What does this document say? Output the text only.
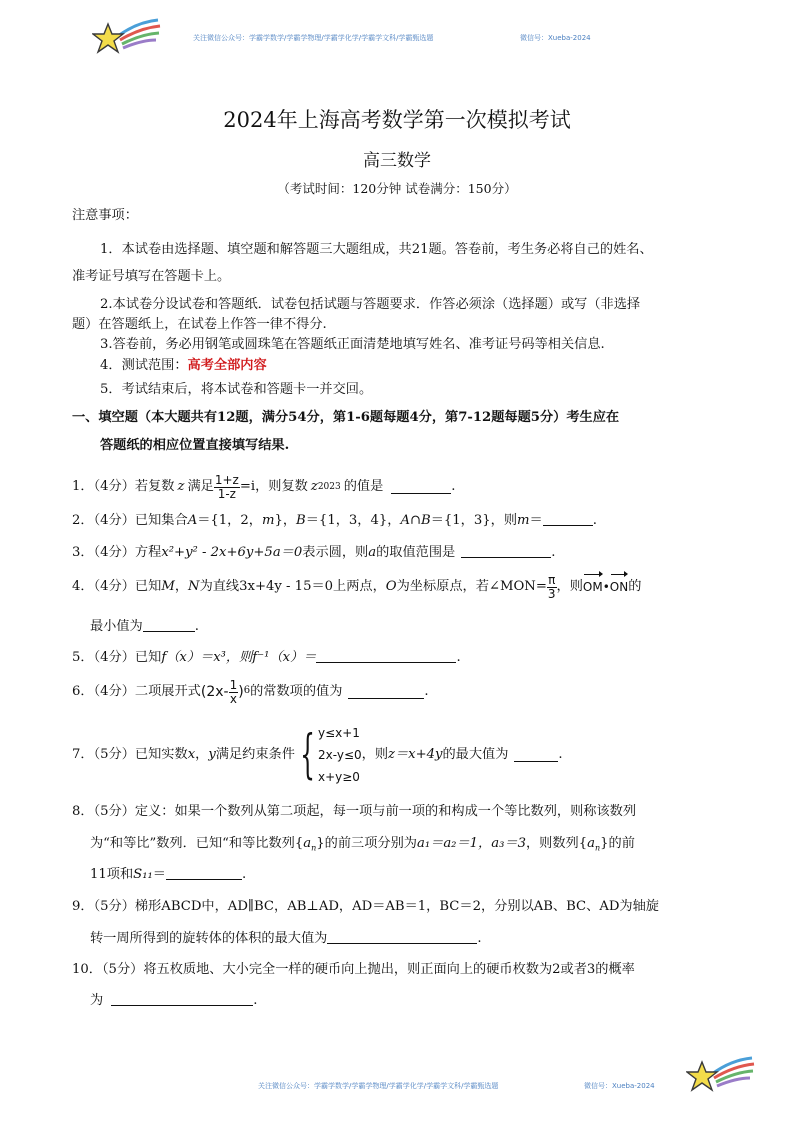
关注微信公众号：学霸学数学/学霸学物理/学霸学化学/学霸学文科/学霸甄选题	微信号：Xueba-2024
2024年上海高考数学第一次模拟考试
高三数学
（考试时间：120分钟 试卷满分：150分）
注意事项：
1．本试卷由选择题、填空题和解答题三大题组成，共21题。答卷前，考生务必将自己的姓名、
准考证号填写在答题卡上。
2.本试卷分设试卷和答题纸．试卷包括试题与答题要求．作答必须涂（选择题）或写（非选择
题）在答题纸上，在试卷上作答一律不得分.
3.答卷前，务必用钢笔或圆珠笔在答题纸正面清楚地填写姓名、准考证号码等相关信息.
4．测试范围：高考全部内容
5．考试结束后，将本试卷和答题卡一并交回。
一、填空题（本大题共有12题，满分54分，第1-6题每题4分，第7-12题每题5分）考生应在
答题纸的相应位置直接填写结果.
1．（4分）若复数 z 满足 $\frac{1+z}{1-z} =i$，则复数 z 2023 的值是	.
2．（4分）已知集合A＝{1，2，m}，B＝{1，3，4}，A∩B＝{1，3}，则m＝	.
3．（4分）方程x²+y² - 2x+6y+5a＝0表示圆，则a的取值范围是	.
4．（4分）已知 M ， N 为直线3x+4y - 15＝0上两点， O 为坐标原点，若∠MON= $\frac{\pi}{3}$ ，则 OM • ON 的
最小值为	.
5．（4分）已知f（x）＝x³，则f⁻¹（x）＝	.
6．（4分）二项展开式 ($2x- \frac{1}{x}$ ) 6 的常数项的值为	.
7．（5分）已知实数 x ， y 满足约束条件 { y≤x+1
2x-y≤0
x+y≥0
，则 z＝x+4y 的最大值为	.
8．（5分）定义：如果一个数列从第二项起，每一项与前一项的和构成一个等比数列，则称该数列
为“和等比”数列．已知“和等比数列$\{a_n\}$的前三项分别为a₁＝a₂＝1，a₃＝3，则数列$\{a_n\}$的前
11项和S₁₁＝	.
9．（5分）梯形ABCD中，AD∥BC，AB⊥AD，AD＝AB＝1，BC＝2，分别以AB、BC、AD为轴旋
转一周所得到的旋转体的体积的最大值为	.
10．（5分）将五枚质地、大小完全一样的硬币向上抛出，则正面向上的硬币枚数为2或者3的概率
为	.
关注微信公众号：学霸学数学/学霸学物理/学霸学化学/学霸学文科/学霸甄选题	微信号：Xueba-2024
